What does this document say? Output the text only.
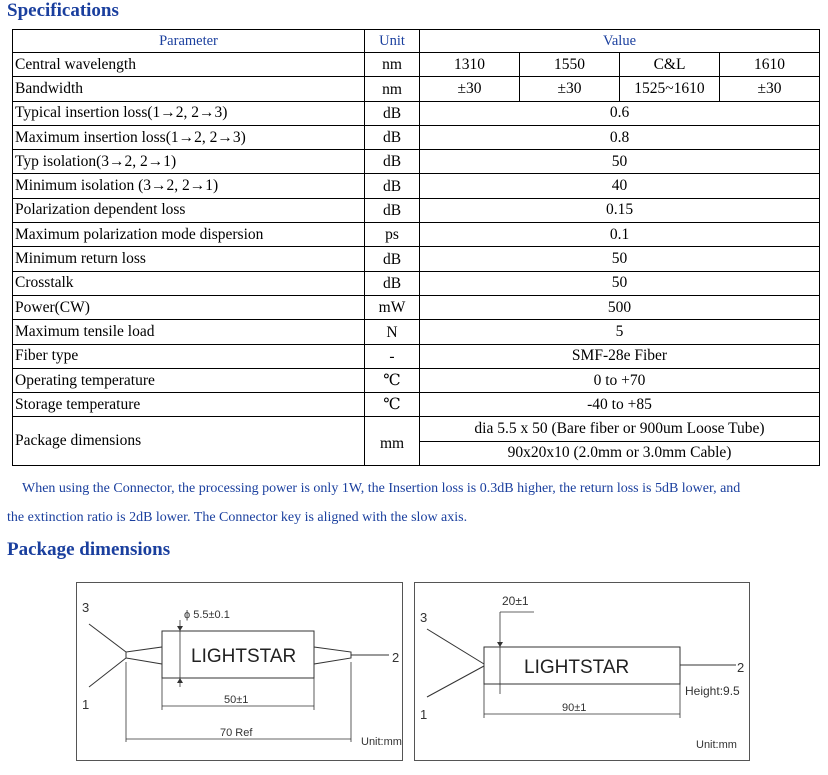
Specifications
Parameter	Unit	Value			
Central wavelength	nm	1310	1550	C&L	1610
Bandwidth	nm	±30	±30	1525~1610	±30
Typical insertion loss(1→2, 2→3)	dB	0.6			
Maximum insertion loss(1→2, 2→3)	dB	0.8			
Typ isolation(3→2, 2→1)	dB	50			
Minimum isolation (3→2, 2→1)	dB	40			
Polarization dependent loss	dB	0.15			
Maximum polarization mode dispersion	ps	0.1			
Minimum return loss	dB	50			
Crosstalk	dB	50			
Power(CW)	mW	500			
Maximum tensile load	N	5			
Fiber type	-	SMF-28e Fiber			
Operating temperature	℃	0 to +70			
Storage temperature	℃	-40 to +85			
Package dimensions	mm	dia 5.5 x 50 (Bare fiber or 900um Loose Tube)			
		90x20x10 (2.0mm or 3.0mm Cable)			
When using the Connector, the processing power is only 1W, the Insertion loss is 0.3dB higher, the return loss is 5dB lower, and
the extinction ratio is 2dB lower. The Connector key is aligned with the slow axis.
Package dimensions
3
1
2
ϕ 5.5±0.1
LIGHTSTAR
50±1
70 Ref
Unit:mm
20±1
3
1
2
LIGHTSTAR
Height:9.5
90±1
Unit:mm
